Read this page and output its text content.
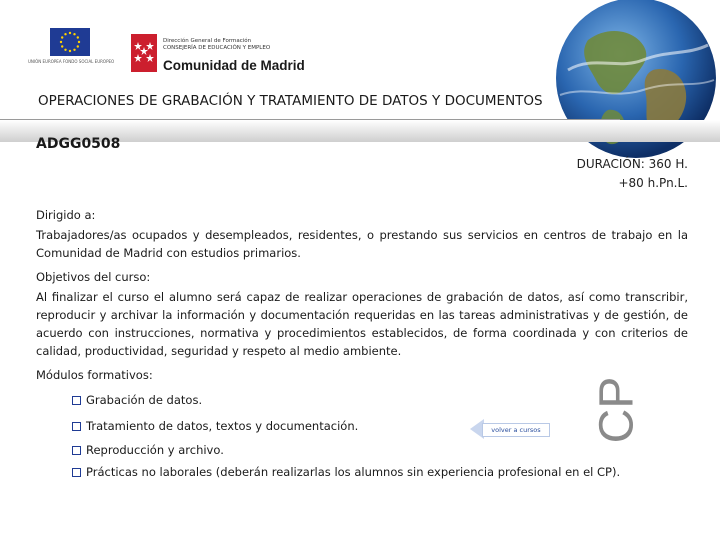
UNIÓN EUROPEA FONDO SOCIAL EUROPEO
Dirección General de Formación
CONSEJERÍA DE EDUCACIÓN Y EMPLEO
Comunidad de Madrid
OPERACIONES DE GRABACIÓN Y TRATAMIENTO DE DATOS Y DOCUMENTOS
ADGG0508
DURACIÓN: 360 H.
+80 h.Pn.L.
Dirigido a:
Trabajadores/as ocupados y desempleados, residentes, o prestando sus servicios en centros de trabajo en la Comunidad de Madrid con estudios primarios.
Objetivos del curso:
Al finalizar el curso el alumno será capaz de realizar operaciones de grabación de datos, así como transcribir, reproducir y archivar la información y documentación requeridas en las tareas administrativas y de gestión, de acuerdo con instrucciones, normativa y procedimientos establecidos, de forma coordinada y con criterios de calidad, productividad, seguridad y respeto al medio ambiente.
CP
Módulos formativos:
Grabación de datos.
Tratamiento de datos, textos y documentación.
Reproducción y archivo.
Prácticas no laborales (deberán realizarlas los alumnos sin experiencia profesional en el CP).
volver a cursos
